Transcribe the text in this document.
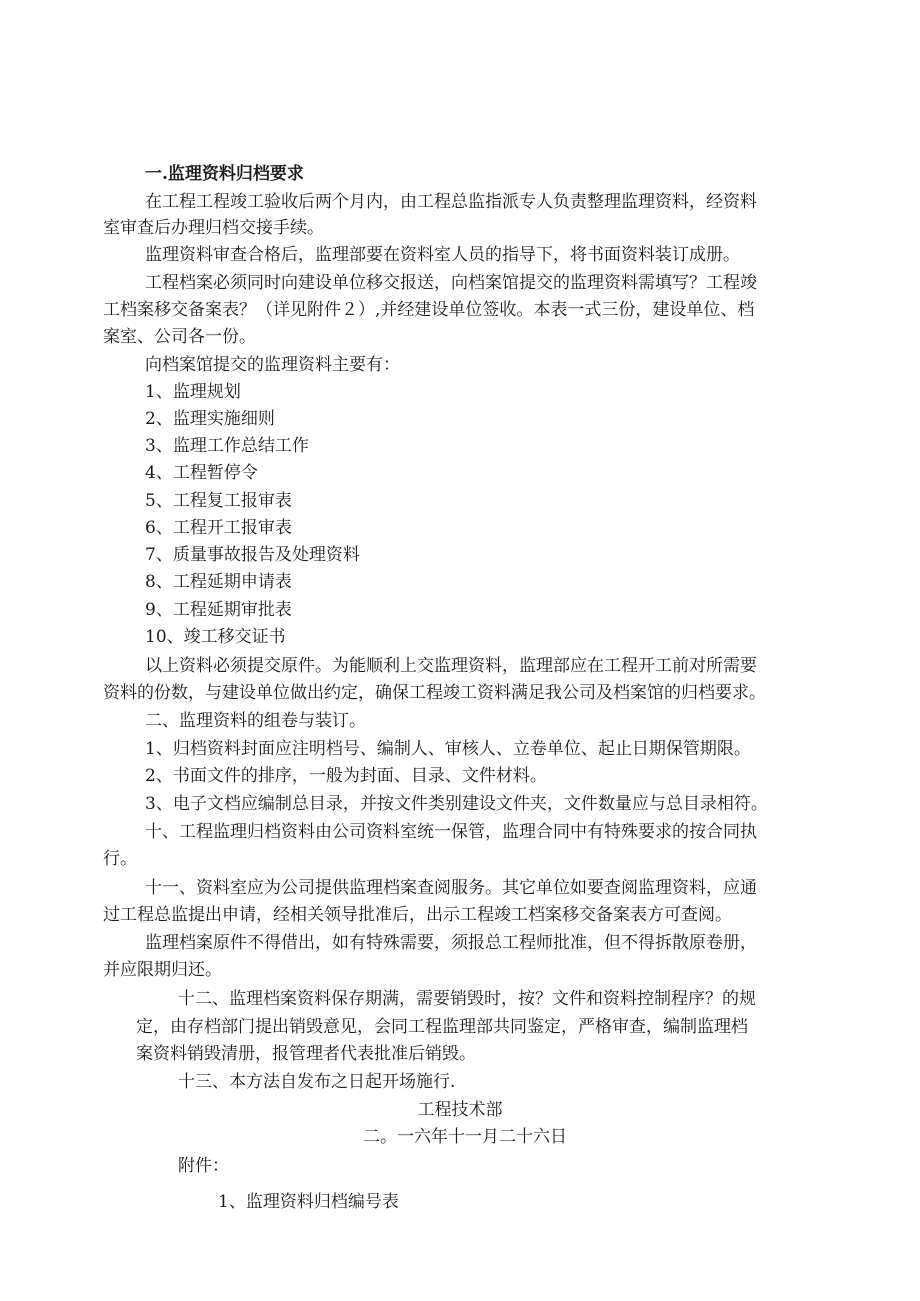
一.监理资料归档要求

在工程工程竣工验收后两个月内，由工程总监指派专人负责整理监理资料，经资料

室审查后办理归档交接手续。

监理资料审查合格后，监理部要在资料室人员的指导下，将书面资料装订成册。

工程档案必须同时向建设单位移交报送，向档案馆提交的监理资料需填写？工程竣

工档案移交备案表？（详见附件２）,并经建设单位签收。本表一式三份，建设单位、档

案室、公司各一份。

向档案馆提交的监理资料主要有：

1、监理规划

2、监理实施细则

3、监理工作总结工作

4、工程暂停令

5、工程复工报审表

6、工程开工报审表

7、质量事故报告及处理资料

8、工程延期申请表

9、工程延期审批表

10、竣工移交证书

以上资料必须提交原件。为能顺利上交监理资料，监理部应在工程开工前对所需要

资料的份数，与建设单位做出约定，确保工程竣工资料满足我公司及档案馆的归档要求。

二、监理资料的组卷与装订。

1、归档资料封面应注明档号、编制人、审核人、立卷单位、起止日期保管期限。

2、书面文件的排序，一般为封面、目录、文件材料。

3、电子文档应编制总目录，并按文件类别建设文件夹，文件数量应与总目录相符。

十、工程监理归档资料由公司资料室统一保管，监理合同中有特殊要求的按合同执

行。

十一、资料室应为公司提供监理档案查阅服务。其它单位如要查阅监理资料，应通

过工程总监提出申请，经相关领导批准后，出示工程竣工档案移交备案表方可查阅。

监理档案原件不得借出，如有特殊需要，须报总工程师批准，但不得拆散原卷册，

并应限期归还。

十二、监理档案资料保存期满，需要销毁时，按？文件和资料控制程序？的规

定，由存档部门提出销毁意见，会同工程监理部共同鉴定，严格审查，编制监理档

案资料销毁清册，报管理者代表批准后销毁。

十三、本方法自发布之日起开场施行.

工程技术部

二。一六年十一月二十六日

附件：

1、监理资料归档编号表
